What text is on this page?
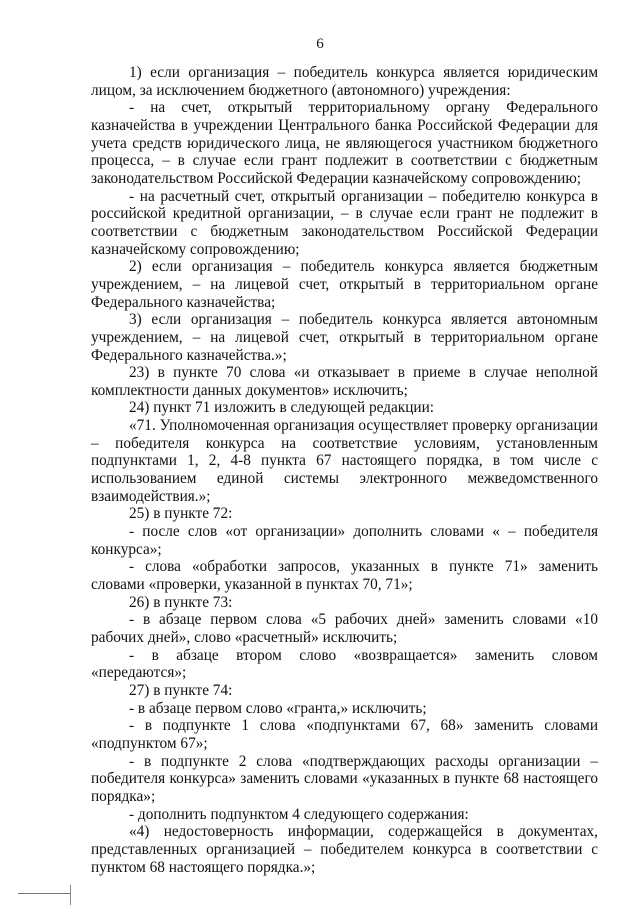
6

1) если организация – победитель конкурса является юридическим лицом, за исключением бюджетного (автономного) учреждения:

- на счет, открытый территориальному органу Федерального казначейства в учреждении Центрального банка Российской Федерации для учета средств юридического лица, не являющегося участником бюджетного процесса, – в случае если грант подлежит в соответствии с бюджетным законодательством Российской Федерации казначейскому сопровождению;

- на расчетный счет, открытый организации – победителю конкурса в российской кредитной организации, – в случае если грант не подлежит в соответствии с бюджетным законодательством Российской Федерации казначейскому сопровождению;

2) если организация – победитель конкурса является бюджетным учреждением, – на лицевой счет, открытый в территориальном органе Федерального казначейства;

3) если организация – победитель конкурса является автономным учреждением, – на лицевой счет, открытый в территориальном органе Федерального казначейства.»;

23) в пункте 70 слова «и отказывает в приеме в случае неполной комплектности данных документов» исключить;

24) пункт 71 изложить в следующей редакции:

«71. Уполномоченная организация осуществляет проверку организации – победителя конкурса на соответствие условиям, установленным подпунктами 1, 2, 4-8 пункта 67 настоящего порядка, в том числе с использованием единой системы электронного межведомственного взаимодействия.»;

25) в пункте 72:

- после слов «от организации» дополнить словами « – победителя конкурса»;

- слова «обработки запросов, указанных в пункте 71» заменить словами «проверки, указанной в пунктах 70, 71»;

26) в пункте 73:

- в абзаце первом слова «5 рабочих дней» заменить словами «10 рабочих дней», слово «расчетный» исключить;

- в абзаце втором слово «возвращается» заменить словом «передаются»;

27) в пункте 74:

- в абзаце первом слово «гранта,» исключить;

- в подпункте 1 слова «подпунктами 67, 68» заменить словами «подпунктом 67»;

- в подпункте 2 слова «подтверждающих расходы организации – победителя конкурса» заменить словами «указанных в пункте 68 настоящего порядка»;

- дополнить подпунктом 4 следующего содержания:

«4) недостоверность информации, содержащейся в документах, представленных организацией – победителем конкурса в соответствии с пунктом 68 настоящего порядка.»;
